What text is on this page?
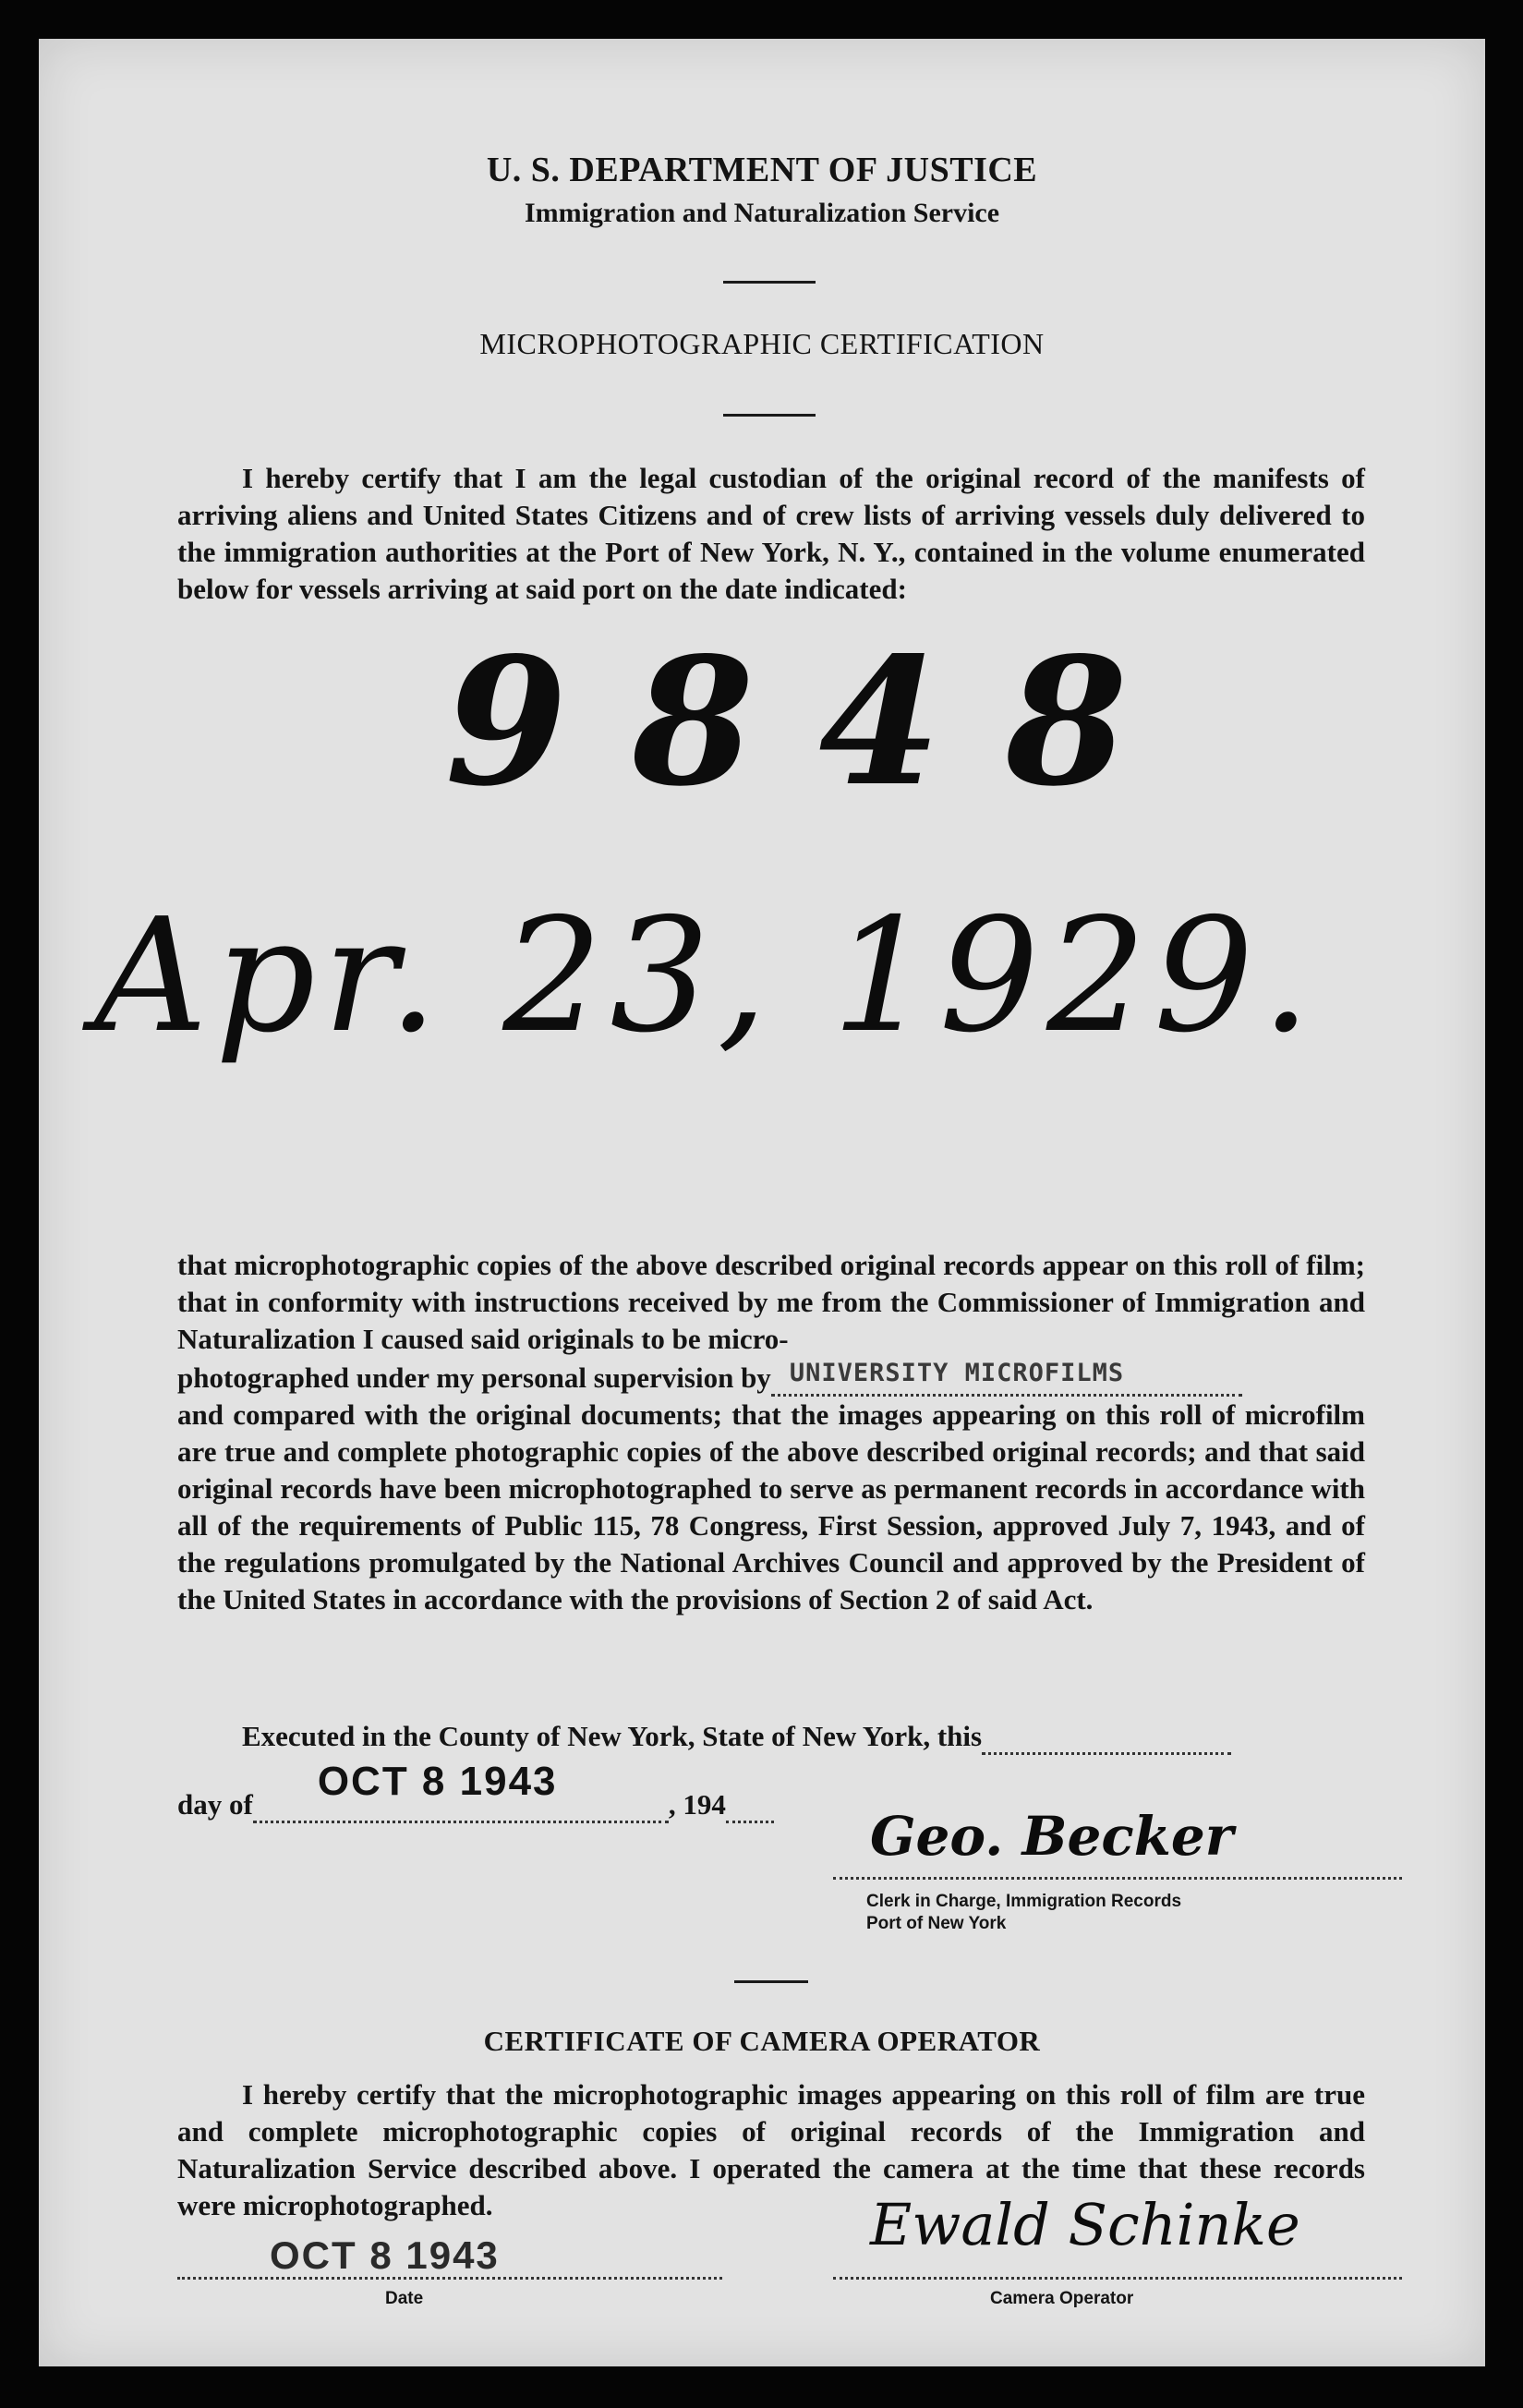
U. S. DEPARTMENT OF JUSTICE
Immigration and Naturalization Service
MICROPHOTOGRAPHIC CERTIFICATION
I hereby certify that I am the legal custodian of the original record of the manifests of arriving aliens and United States Citizens and of crew lists of arriving vessels duly delivered to the immigration authorities at the Port of New York, N. Y., contained in the volume enumerated below for vessels arriving at said port on the date indicated:
9848
Apr. 23, 1929.
that microphotographic copies of the above described original records appear on this roll of film; that in conformity with instructions received by me from the Commissioner of Immigration and Naturalization I caused said originals to be micro-
photographed under my personal supervision by UNIVERSITY MICROFILMS
and compared with the original documents; that the images appearing on this roll of microfilm are true and complete photographic copies of the above described original records; and that said original records have been microphotographed to serve as permanent records in accordance with all of the requirements of Public 115, 78 Congress, First Session, approved July 7, 1943, and of the regulations promulgated by the National Archives Council and approved by the President of the United States in accordance with the provisions of Section 2 of said Act.
Executed in the County of New York, State of New York, this
day of
OCT 8 1943
, 194
Geo. Becker
Clerk in Charge, Immigration Records
Port of New York
CERTIFICATE OF CAMERA OPERATOR
I hereby certify that the microphotographic images appearing on this roll of film are true and complete microphotographic copies of original records of the Immigration and Naturalization Service described above. I operated the camera at the time that these records were microphotographed.	Ewald Schinke
OCT 8 1943
Date	Camera Operator
